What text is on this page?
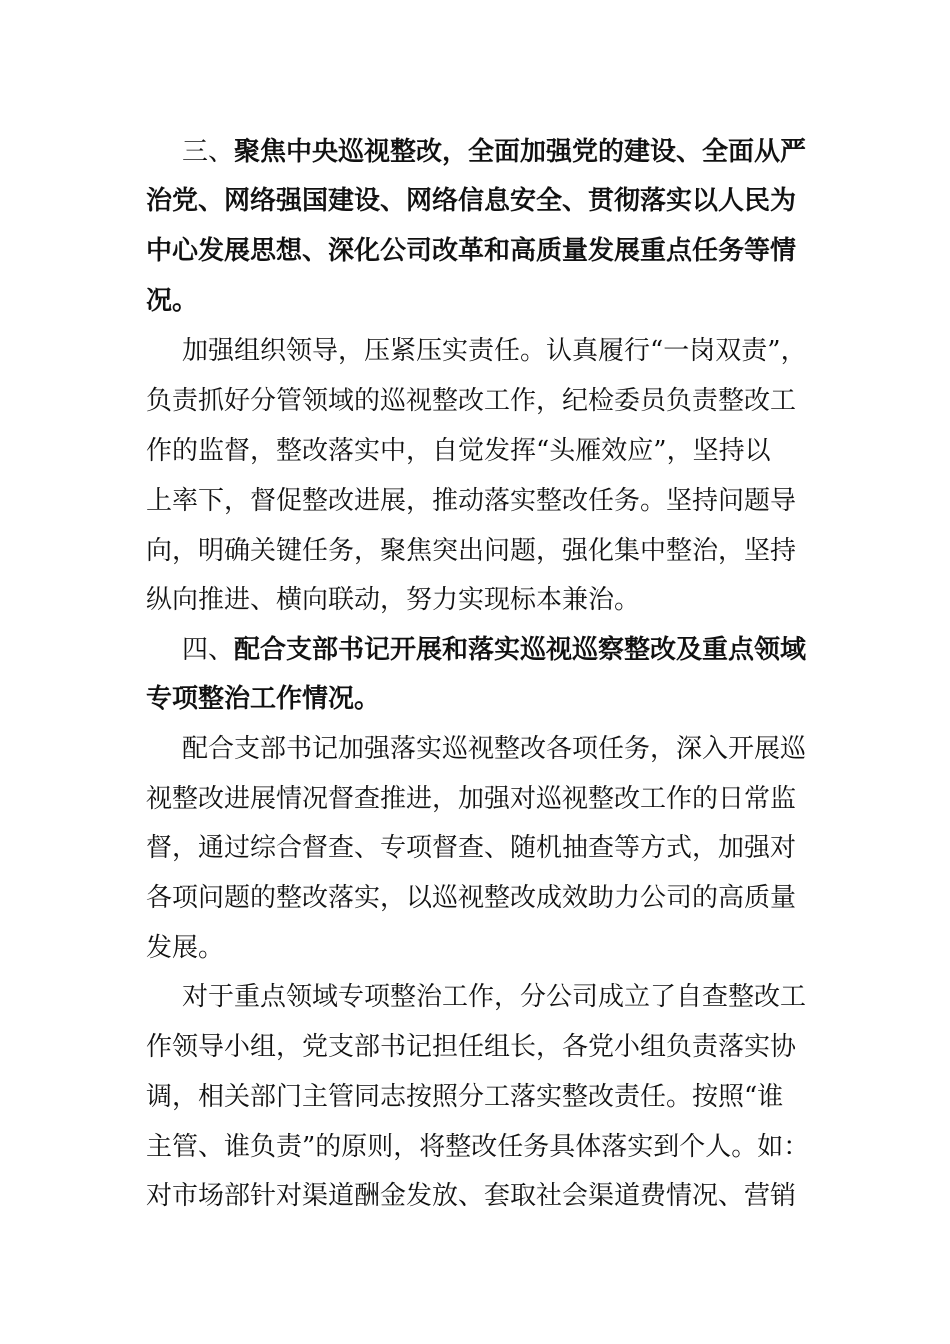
三、聚焦中央巡视整改，全面加强党的建设、全面从严
治党、网络强国建设、网络信息安全、贯彻落实以人民为
中心发展思想、深化公司改革和高质量发展重点任务等情
况。
加强组织领导，压紧压实责任。认真履行“一岗双责”，
负责抓好分管领域的巡视整改工作，纪检委员负责整改工
作的监督，整改落实中，自觉发挥“头雁效应”，坚持以
上率下，督促整改进展，推动落实整改任务。坚持问题导
向，明确关键任务，聚焦突出问题，强化集中整治，坚持
纵向推进、横向联动，努力实现标本兼治。
四、配合支部书记开展和落实巡视巡察整改及重点领域
专项整治工作情况。
配合支部书记加强落实巡视整改各项任务，深入开展巡
视整改进展情况督查推进，加强对巡视整改工作的日常监
督，通过综合督查、专项督查、随机抽查等方式，加强对
各项问题的整改落实，以巡视整改成效助力公司的高质量
发展。
对于重点领域专项整治工作，分公司成立了自查整改工
作领导小组，党支部书记担任组长，各党小组负责落实协
调，相关部门主管同志按照分工落实整改责任。按照“谁
主管、谁负责”的原则，将整改任务具体落实到个人。如：
对市场部针对渠道酬金发放、套取社会渠道费情况、营销
